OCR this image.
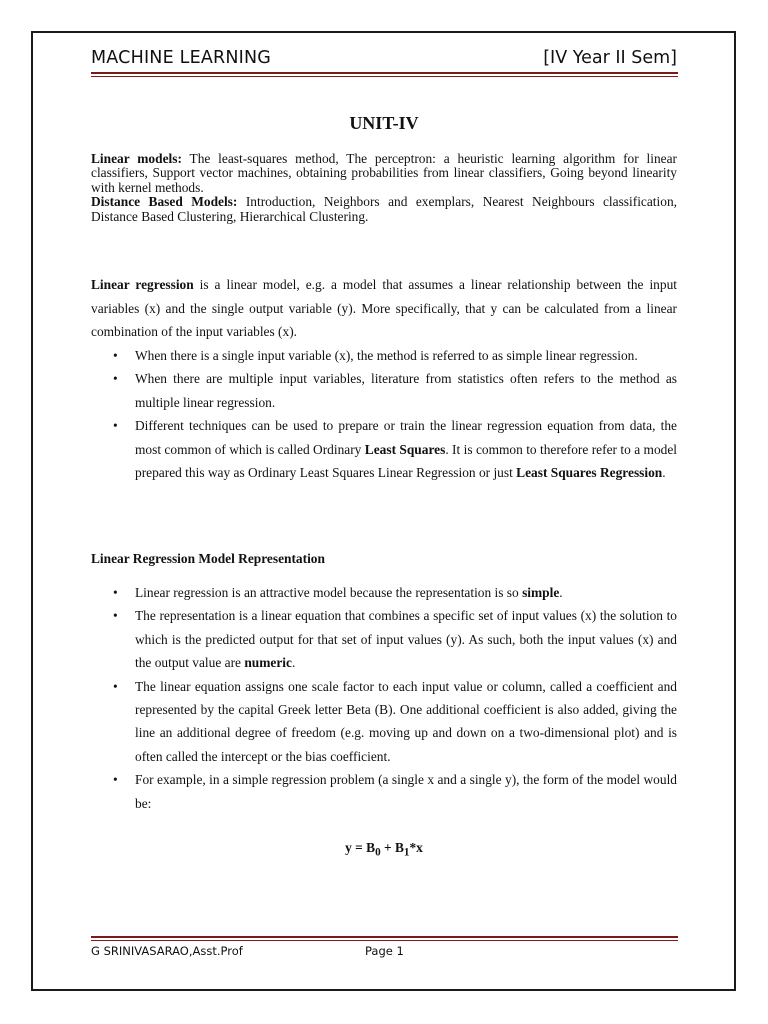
MACHINE LEARNING	[IV Year II Sem]
UNIT-IV

Linear models: The least-squares method, The perceptron: a heuristic learning algorithm for linear classifiers, Support vector machines, obtaining probabilities from linear classifiers, Going beyond linearity with kernel methods.

Distance Based Models: Introduction, Neighbors and exemplars, Nearest Neighbours classification, Distance Based Clustering, Hierarchical Clustering.

Linear regression is a linear model, e.g. a model that assumes a linear relationship between the input variables (x) and the single output variable (y). More specifically, that y can be calculated from a linear combination of the input variables (x).

• When there is a single input variable (x), the method is referred to as simple linear regression.
• When there are multiple input variables, literature from statistics often refers to the method as multiple linear regression.
• Different techniques can be used to prepare or train the linear regression equation from data, the most common of which is called Ordinary Least Squares. It is common to therefore refer to a model prepared this way as Ordinary Least Squares Linear Regression or just Least Squares Regression.
Linear Regression Model Representation
• Linear regression is an attractive model because the representation is so simple.
• The representation is a linear equation that combines a specific set of input values (x) the solution to which is the predicted output for that set of input values (y). As such, both the input values (x) and the output value are numeric.
• The linear equation assigns one scale factor to each input value or column, called a coefficient and represented by the capital Greek letter Beta (B). One additional coefficient is also added, giving the line an additional degree of freedom (e.g. moving up and down on a two-dimensional plot) and is often called the intercept or the bias coefficient.
• For example, in a simple regression problem (a single x and a single y), the form of the model would be:
$y = B_0 + B_1*x$
G SRINIVASARAO,Asst.Prof	Page 1
